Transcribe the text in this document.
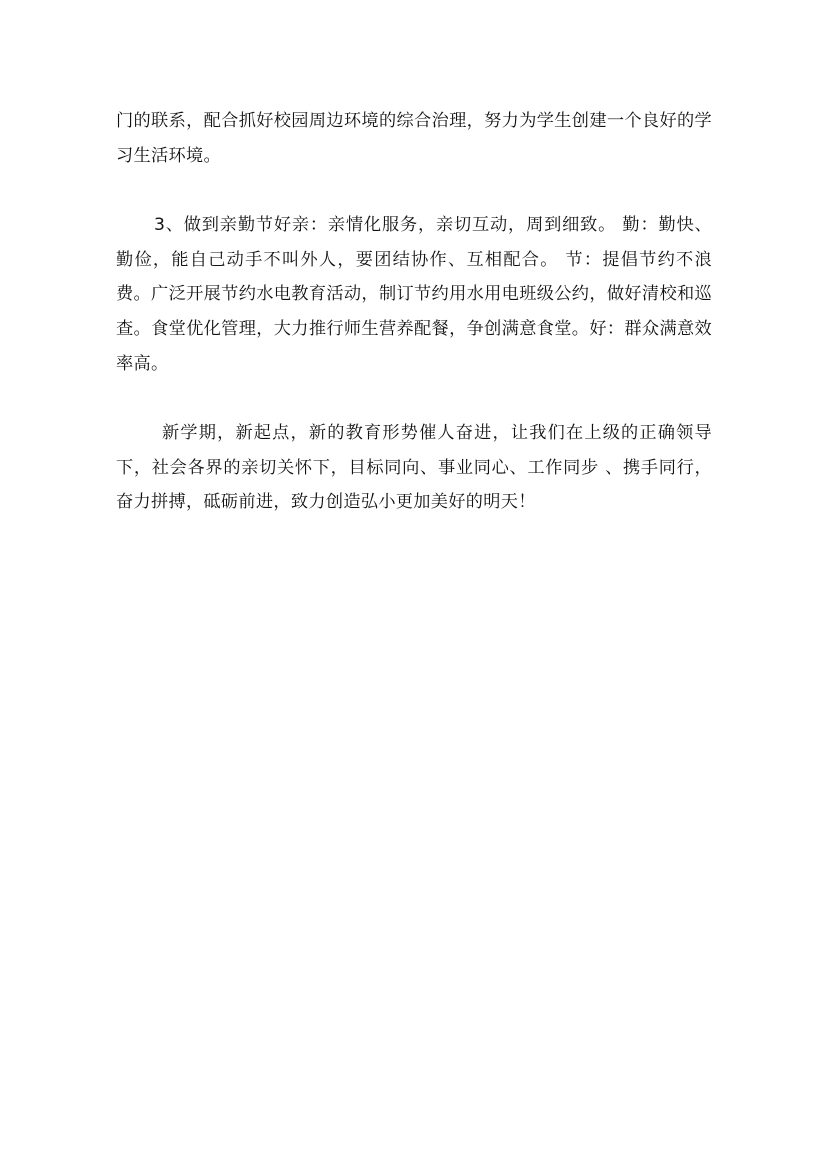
门的联系，配合抓好校园周边环境的综合治理，努力为学生创建一个良好的学习生活环境。

3、做到亲勤节好亲：亲情化服务，亲切互动，周到细致。 勤：勤快、勤俭，能自己动手不叫外人，要团结协作、互相配合。 节：提倡节约不浪费。广泛开展节约水电教育活动，制订节约用水用电班级公约，做好清校和巡查。食堂优化管理，大力推行师生营养配餐，争创满意食堂。好：群众满意效率高。

新学期，新起点，新的教育形势催人奋进，让我们在上级的正确领导下，社会各界的亲切关怀下，目标同向、事业同心、工作同步 、携手同行，奋力拼搏，砥砺前进，致力创造弘小更加美好的明天！
